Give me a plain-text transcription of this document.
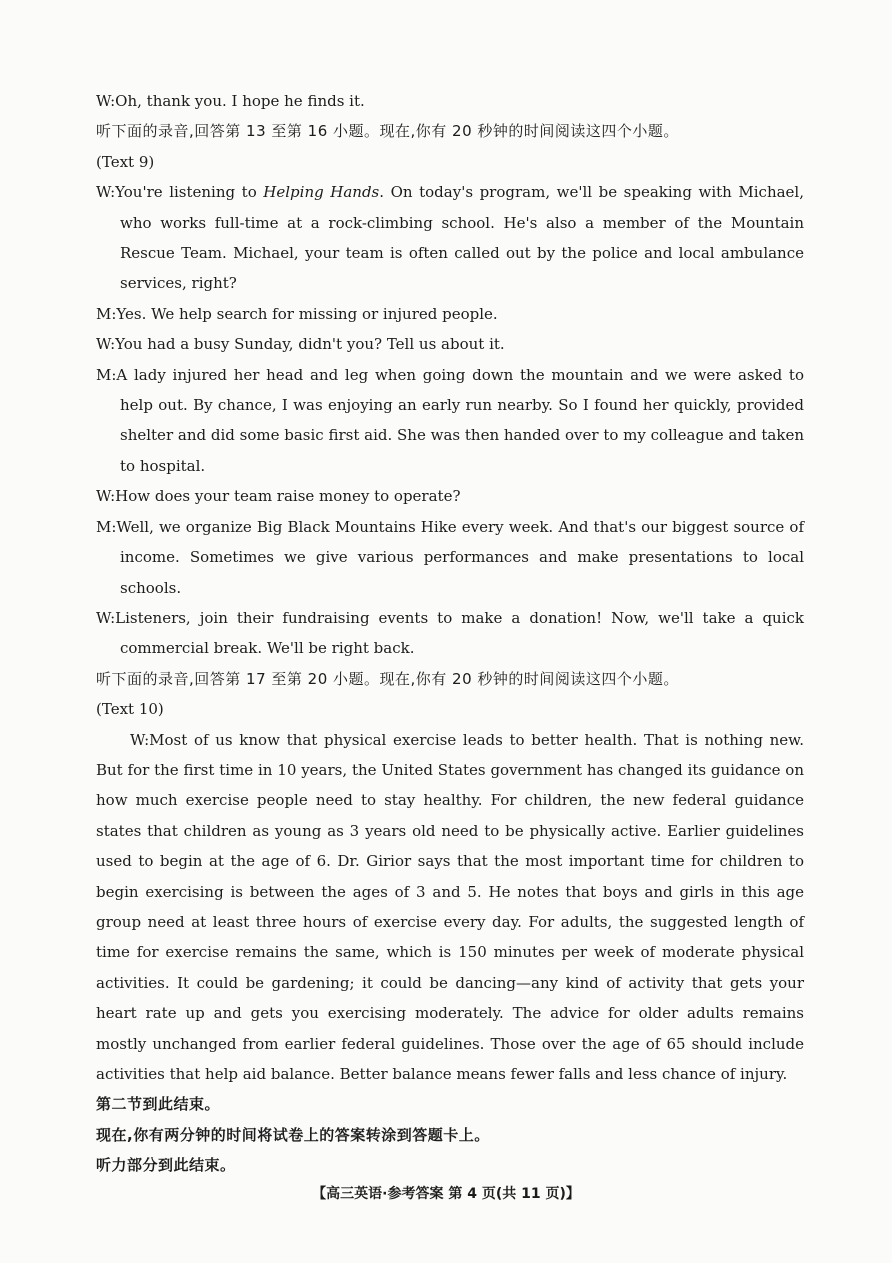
W:Oh, thank you. I hope he finds it.

听下面的录音,回答第 13 至第 16 小题。现在,你有 20 秒钟的时间阅读这四个小题。

(Text 9)

W:You're listening to Helping Hands. On today's program, we'll be speaking with Michael, who works full-time at a rock-climbing school. He's also a member of the Mountain Rescue Team. Michael, your team is often called out by the police and local ambulance services, right?

M:Yes. We help search for missing or injured people.

W:You had a busy Sunday, didn't you? Tell us about it.

M:A lady injured her head and leg when going down the mountain and we were asked to help out. By chance, I was enjoying an early run nearby. So I found her quickly, provided shelter and did some basic first aid. She was then handed over to my colleague and taken to hospital.

W:How does your team raise money to operate?

M:Well, we organize Big Black Mountains Hike every week. And that's our biggest source of income. Sometimes we give various performances and make presentations to local schools.

W:Listeners, join their fundraising events to make a donation! Now, we'll take a quick commercial break. We'll be right back.

听下面的录音,回答第 17 至第 20 小题。现在,你有 20 秒钟的时间阅读这四个小题。

(Text 10)

W:Most of us know that physical exercise leads to better health. That is nothing new. But for the first time in 10 years, the United States government has changed its guidance on how much exercise people need to stay healthy. For children, the new federal guidance states that children as young as 3 years old need to be physically active. Earlier guidelines used to begin at the age of 6. Dr. Girior says that the most important time for children to begin exercising is between the ages of 3 and 5. He notes that boys and girls in this age group need at least three hours of exercise every day. For adults, the suggested length of time for exercise remains the same, which is 150 minutes per week of moderate physical activities. It could be gardening; it could be dancing—any kind of activity that gets your heart rate up and gets you exercising moderately. The advice for older adults remains mostly unchanged from earlier federal guidelines. Those over the age of 65 should include activities that help aid balance. Better balance means fewer falls and less chance of injury.

第二节到此结束。

现在,你有两分钟的时间将试卷上的答案转涂到答题卡上。

听力部分到此结束。

【高三英语·参考答案 第 4 页(共 11 页)】
